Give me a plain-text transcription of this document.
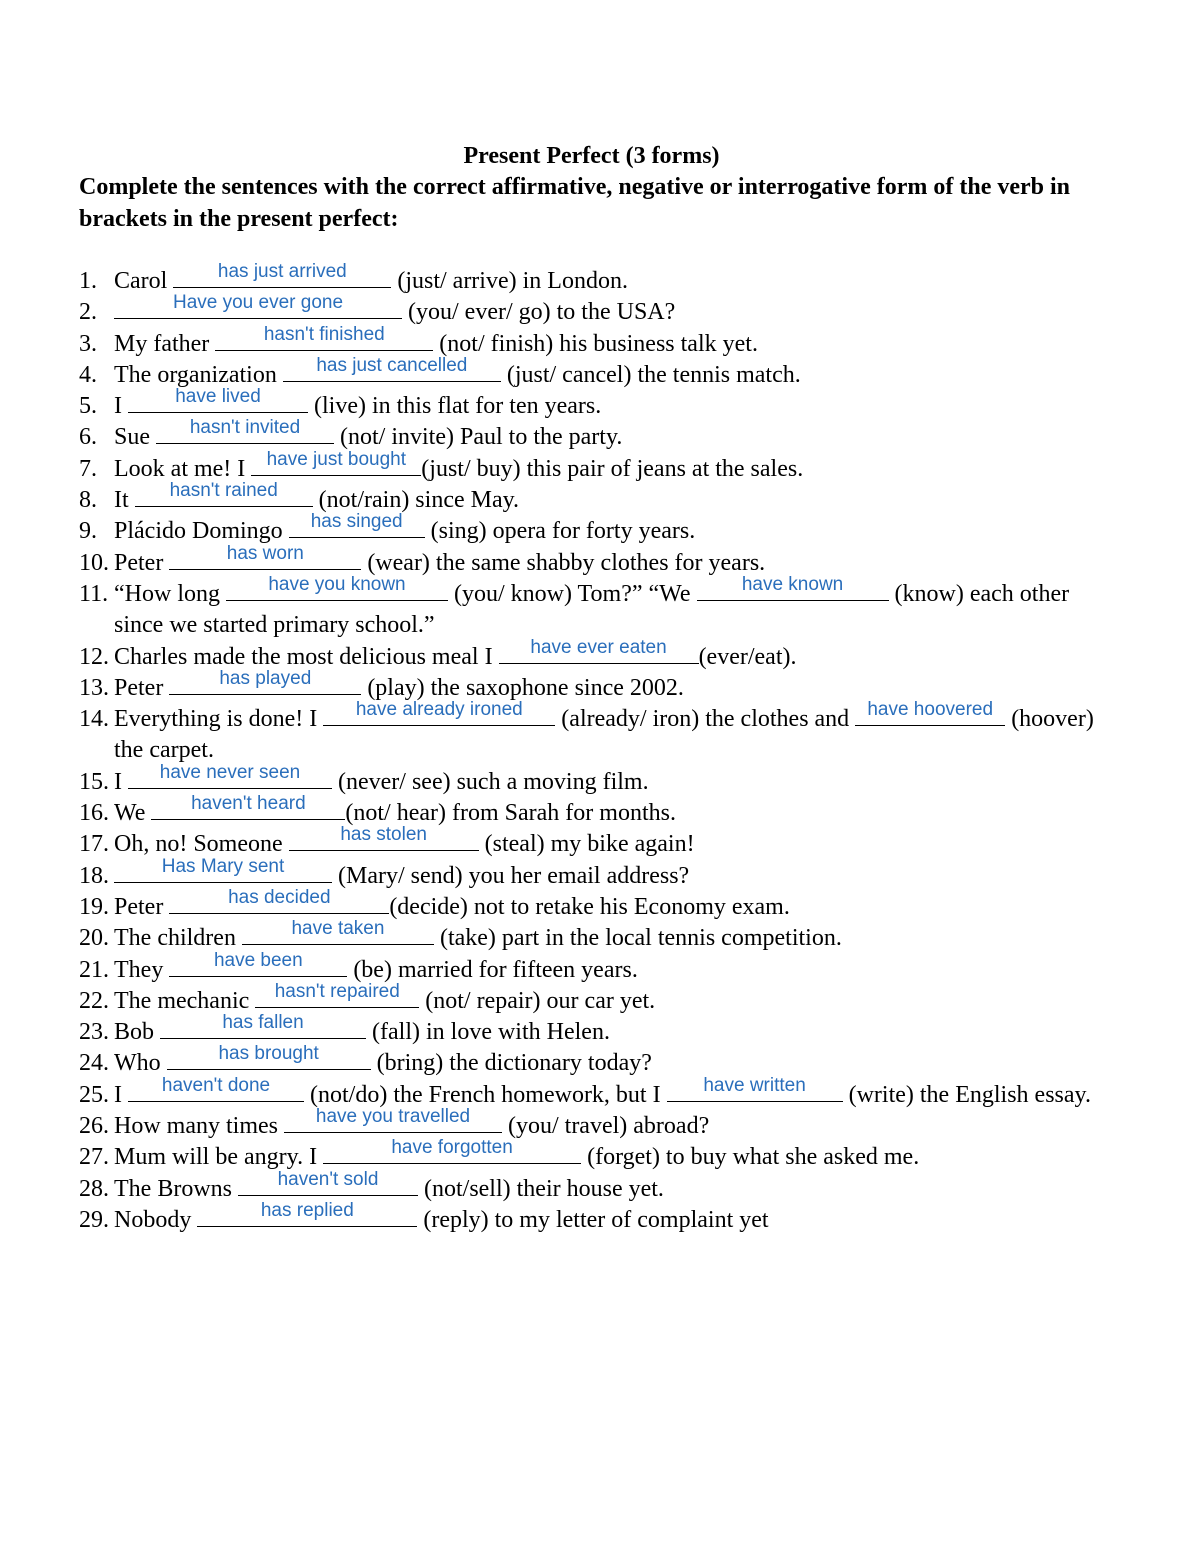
Present Perfect (3 forms)
Complete the sentences with the correct affirmative, negative or interrogative form of the verb in brackets in the present perfect:
1. Carol	has just arrived	(just/ arrive) in London.
2.	Have you ever gone	(you/ ever/ go) to the USA?
3. My father	hasn't finished	(not/ finish) his business talk yet.
4. The organization	has just cancelled	(just/ cancel) the tennis match.
5. I	have lived	(live) in this flat for ten years.
6. Sue	hasn't invited	(not/ invite) Paul to the party.
7. Look at me! I have just bought (just/ buy) this pair of jeans at the sales.
8. It	hasn't rained	(not/rain) since May.
9. Plácido Domingo	has singed (sing) opera for forty years.
10. Peter	has worn	(wear) the same shabby clothes for years.
11. “How long	have you known	(you/ know) Tom?” “We	have known	(know) each other since we started primary school.”
12. Charles made the most delicious meal I	have ever eaten	(ever/eat).
13. Peter	has played	(play) the saxophone since 2002.
14. Everything is done! I	have already ironed	(already/ iron) the clothes and have hoovered (hoover) the carpet.
15. I	have never seen	(never/ see) such a moving film.
16. We	haven't heard	(not/ hear) from Sarah for months.
17. Oh, no! Someone	has stolen	(steal) my bike again!
18.	Has Mary sent	(Mary/ send) you her email address?
19. Peter	has decided	(decide) not to retake his Economy exam.
20. The children	have taken	(take) part in the local tennis competition.
21. They	have been	(be) married for fifteen years.
22. The mechanic	hasn't repaired (not/ repair) our car yet.
23. Bob	has fallen	(fall) in love with Helen.
24. Who	has brought	(bring) the dictionary today?
25. I	haven't done	(not/do) the French homework, but I	have written	(write) the English essay.
26. How many times	have you travelled	(you/ travel) abroad?
27. Mum will be angry. I	have forgotten	(forget) to buy what she asked me.
28. The Browns	haven't sold	(not/sell) their house yet.
29. Nobody	has replied	(reply) to my letter of complaint yet
